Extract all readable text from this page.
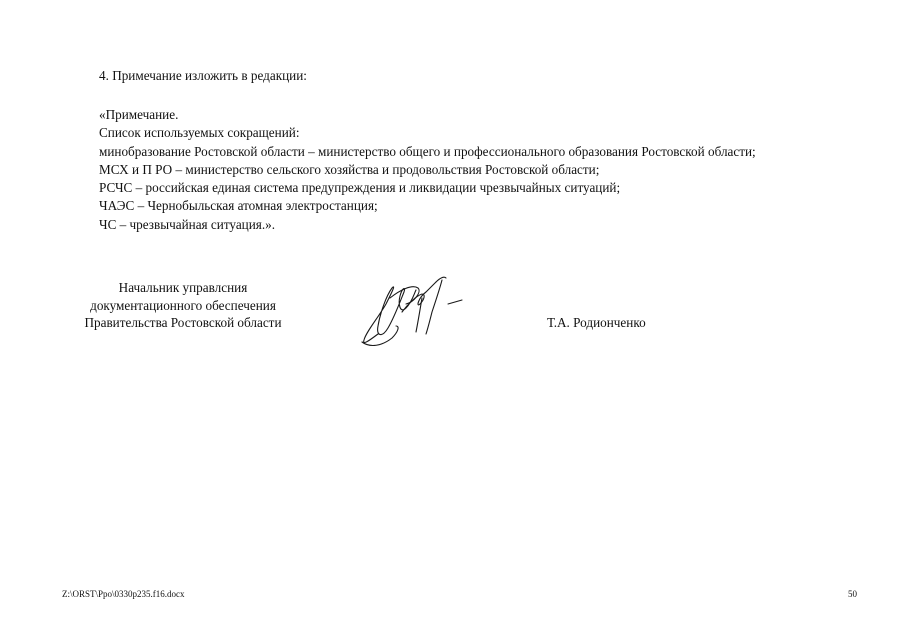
4. Примечание изложить в редакции:
«Примечание.
Список используемых сокращений:
минобразование Ростовской области – министерство общего и профессионального образования Ростовской области;
МСХ и П РО – министерство сельского хозяйства и продовольствия Ростовской области;
РСЧС – российская единая система предупреждения и ликвидации чрезвычайных ситуаций;
ЧАЭС – Чернобыльская атомная электростанция;
ЧС – чрезвычайная ситуация.».
Начальник управлсния
документационного обеспечения
Правительства Ростовской области	Т.А. Родионченко
Z:\ORST\Ppo\0330p235.f16.docx	50
